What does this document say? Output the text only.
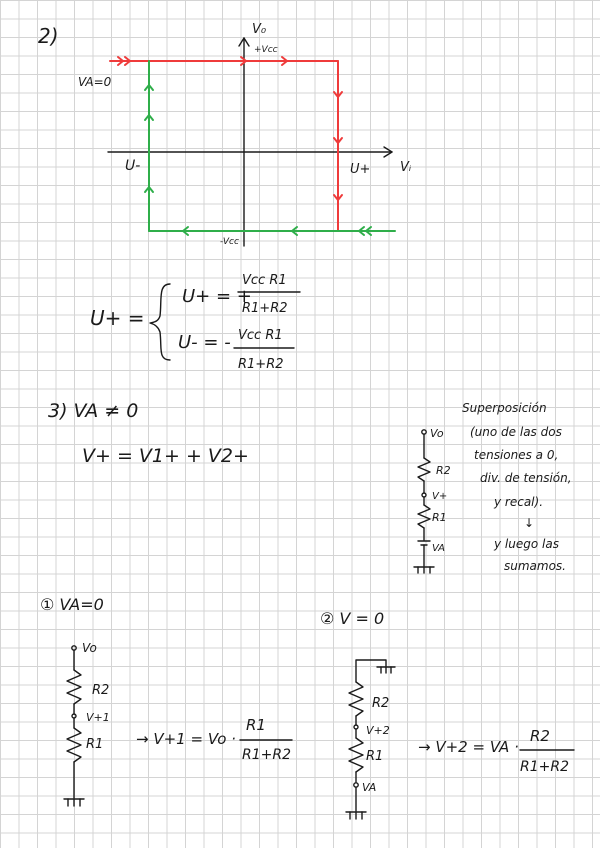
2)	V₀
Vᵢ
+Vcc
-Vcc
VA=0
U-	U+
U+ =
U+ = +
Vcc R1
R1+R2
U- = - Vcc R1
R1+R2
3) VA ≠ 0
V+ = V1+ + V2+
Vo
R2
V+
R1
VA
Superposición
(uno de las dos
tensiones a 0,
div. de tensión,
y recal).
↓
y luego las
sumamos.
① VA=0
Vo
R2
V+1
R1 → V+1 = Vo ·
R1
R1+R2
② V = 0
R2
V+2
R1
VA
→ V+2 = VA ·
R2
R1+R2
